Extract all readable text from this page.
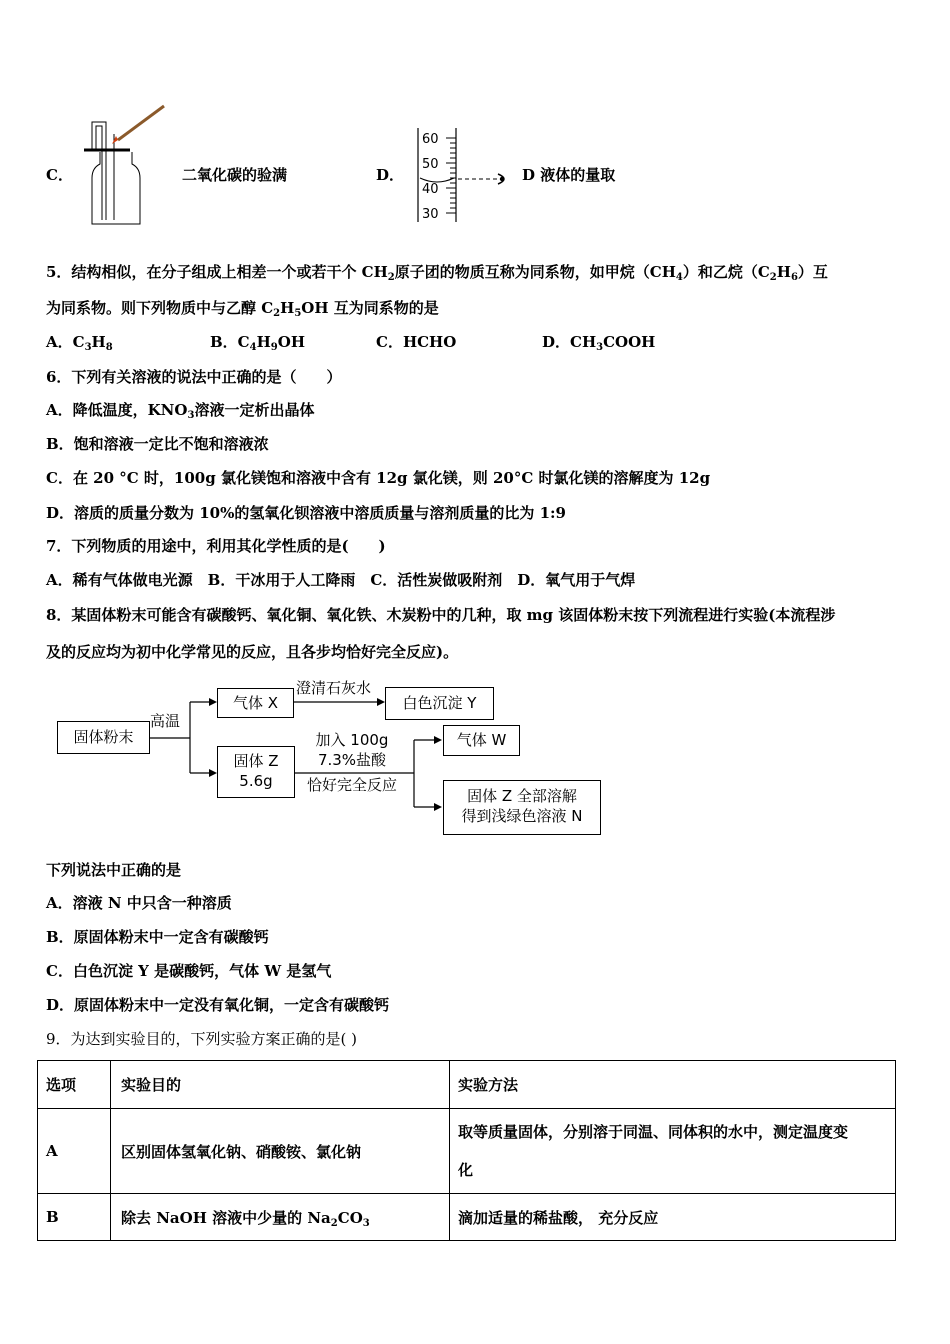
C．	二氧化碳的验满	D．
60
50
40
30
D 液体的量取
5．结构相似，在分子组成上相差一个或若干个 $CH_2$原子团的物质互称为同系物，如甲烷$(CH_4)$和乙烷$(C_2H_6)$互
为同系物。则下列物质中与乙醇 $C_2H_5OH$ 互为同系物的是
A．$C_3H_8$	B．$C_4H_9OH$	C．HCHO	D．$CH_3COOH$
6．下列有关溶液的说法中正确的是（　　）
A．降低温度，$KNO_3$溶液一定析出晶体
B．饱和溶液一定比不饱和溶液浓
C．在 20 °C 时，100g 氯化镁饱和溶液中含有 12g 氯化镁，则 20°C 时氯化镁的溶解度为 12g
D．溶质的质量分数为 10%的氢氧化钡溶液中溶质质量与溶剂质量的比为 1:9
7．下列物质的用途中，利用其化学性质的是(　　)
A．稀有气体做电光源　B．干冰用于人工降雨　C．活性炭做吸附剂　D．氧气用于气焊
8．某固体粉末可能含有碳酸钙、氧化铜、氧化铁、木炭粉中的几种，取 mg 该固体粉末按下列流程进行实验(本流程涉
及的反应均为初中化学常见的反应，且各步均恰好完全反应)。
固体粉末
高温
气体 X
澄清石灰水
白色沉淀 Y
固体 Z
5.6g
加入 100g
7.3%盐酸
恰好完全反应
气体 W
固体 Z 全部溶解
得到浅绿色溶液 N
下列说法中正确的是
A．溶液 N 中只含一种溶质
B．原固体粉末中一定含有碳酸钙
C．白色沉淀 Y 是碳酸钙，气体 W 是氢气
D．原固体粉末中一定没有氧化铜，一定含有碳酸钙
9．为达到实验目的，下列实验方案正确的是( )
选项	实验目的	实验方法
A	区别固体氢氧化钠、硝酸铵、氯化钠	取等质量固体，分别溶于同温、同体积的水中，测定温度变
化

B	除去 NaOH 溶液中少量的 $Na_2CO_3$	滴加适量的稀盐酸， 充分反应
